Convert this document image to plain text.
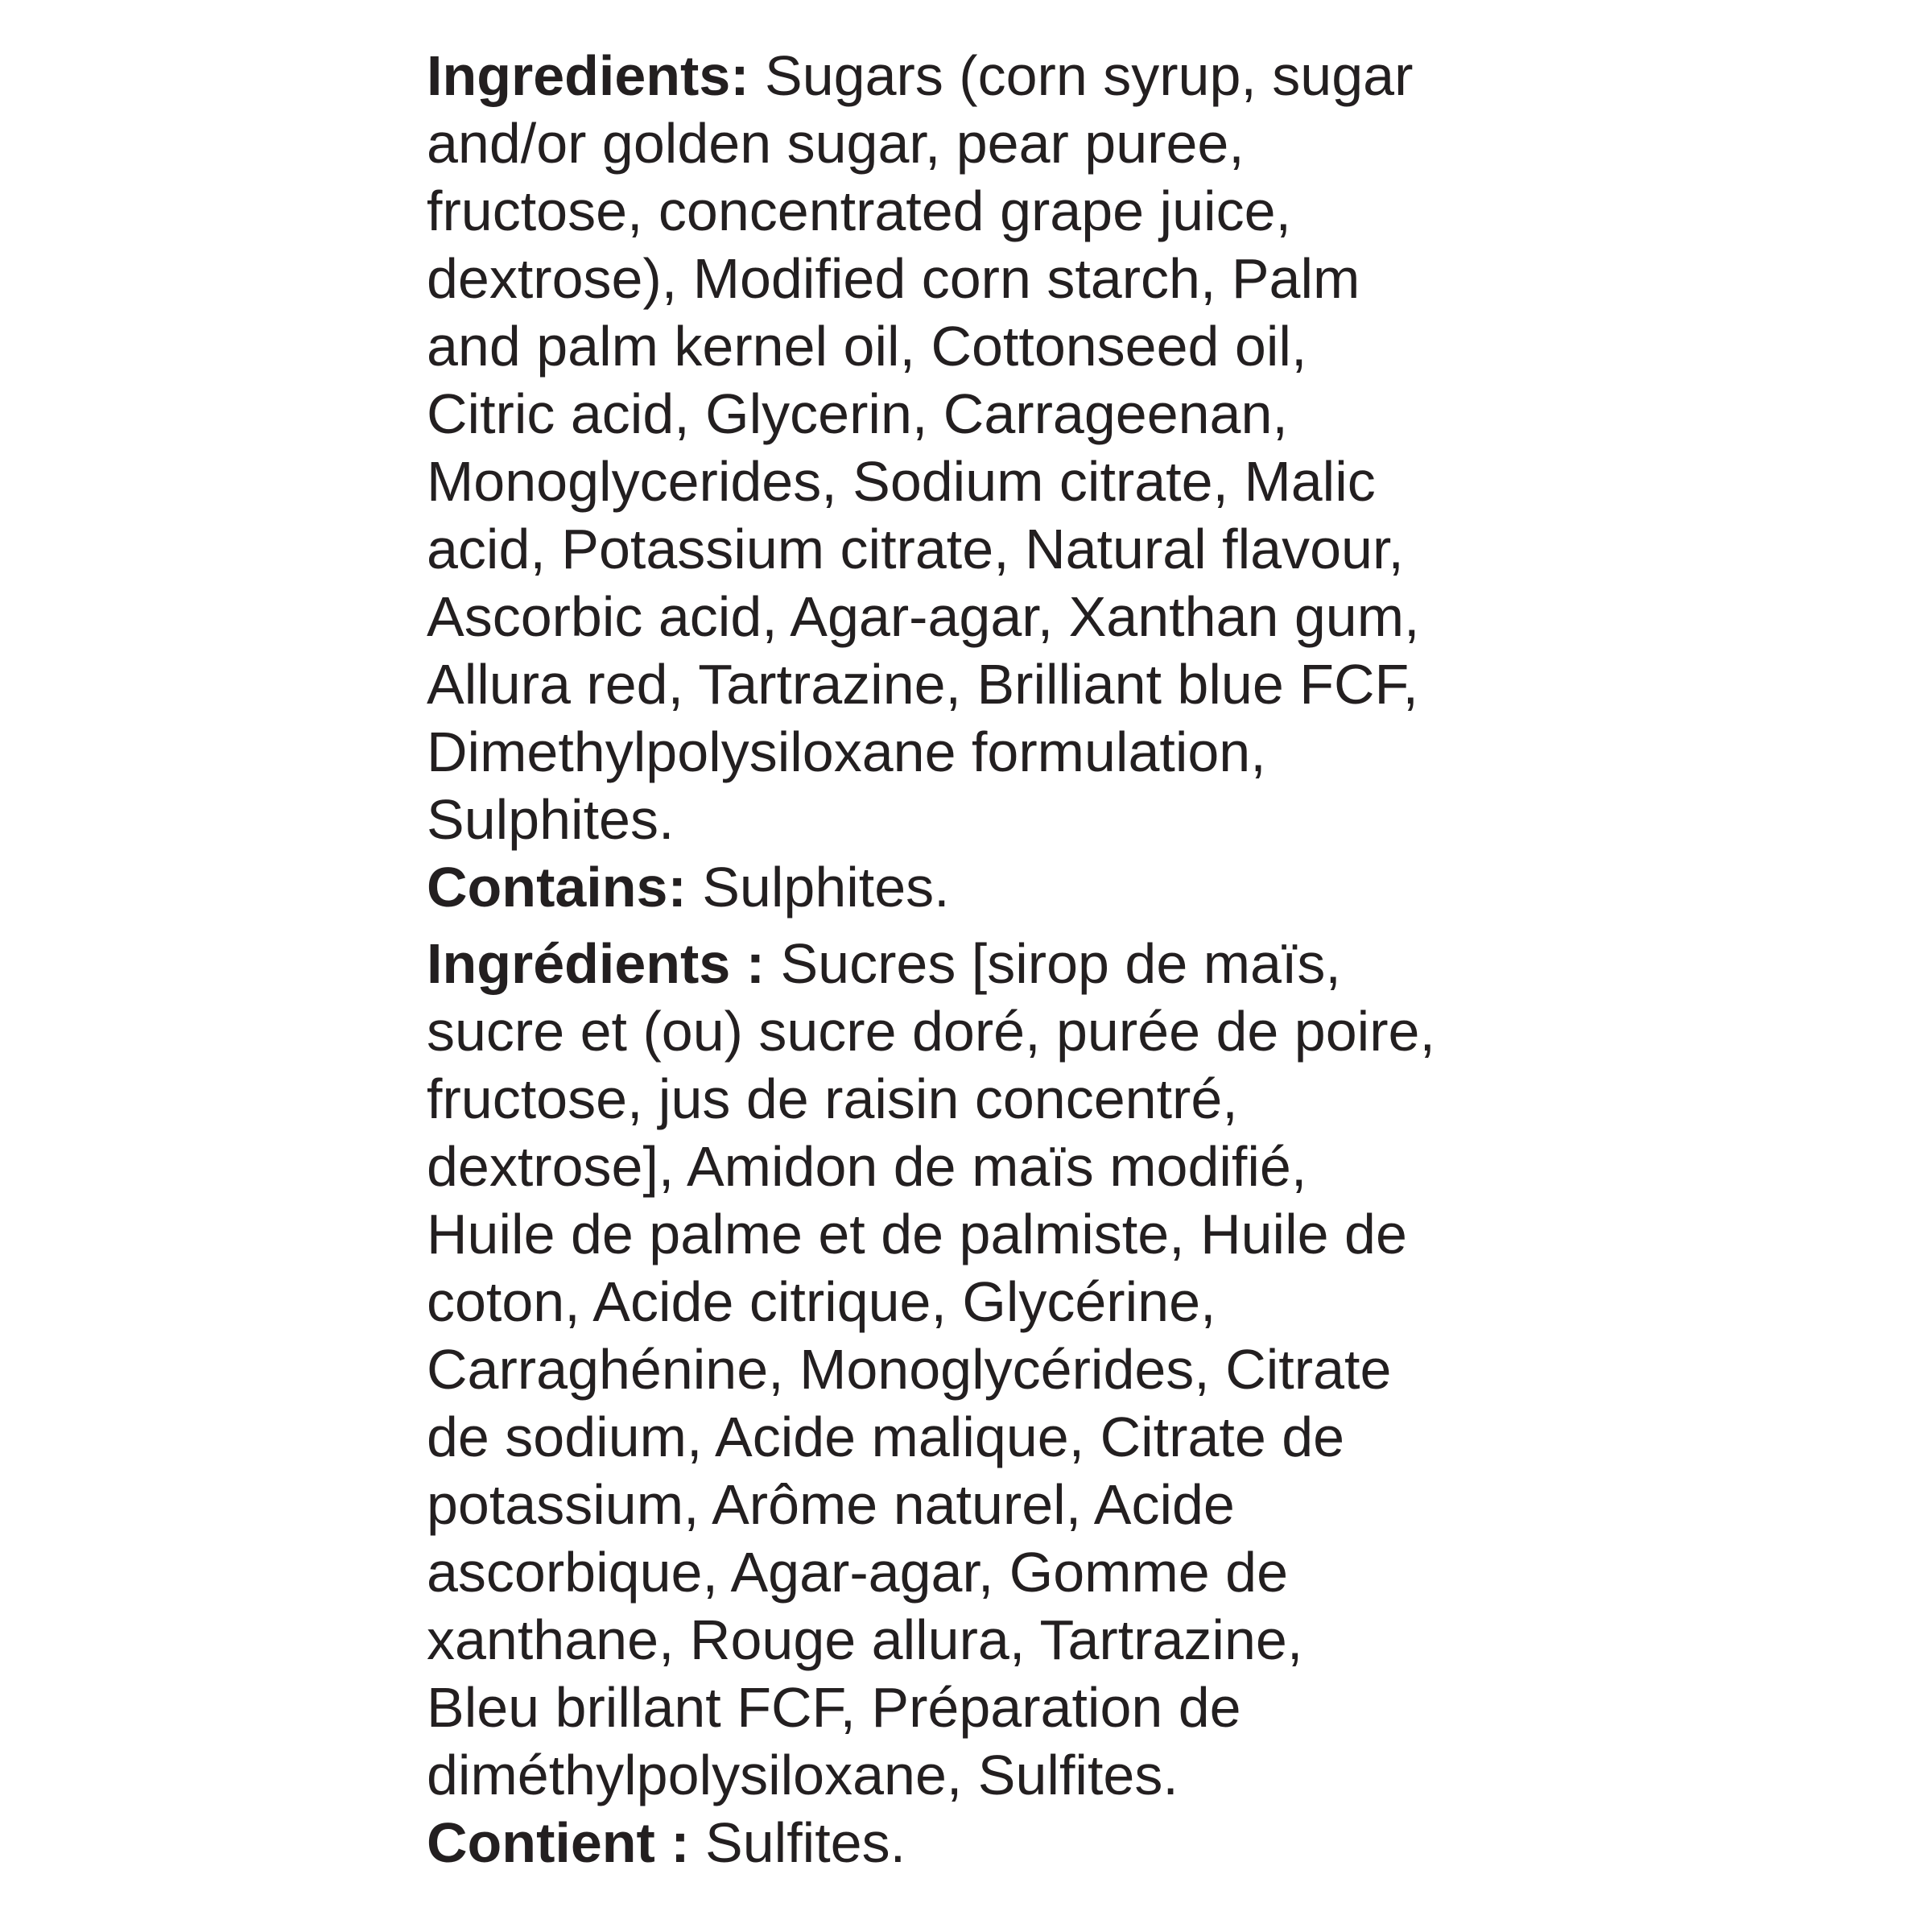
Ingredients: Sugars (corn syrup, sugar
and/or golden sugar, pear puree,
fructose, concentrated grape juice,
dextrose), Modified corn starch, Palm
and palm kernel oil, Cottonseed oil,
Citric acid, Glycerin, Carrageenan,
Monoglycerides, Sodium citrate, Malic
acid, Potassium citrate, Natural flavour,
Ascorbic acid, Agar-agar, Xanthan gum,
Allura red, Tartrazine, Brilliant blue FCF,
Dimethylpolysiloxane formulation,
Sulphites.
Contains: Sulphites.
Ingrédients : Sucres [sirop de maïs,
sucre et (ou) sucre doré, purée de poire,
fructose, jus de raisin concentré,
dextrose], Amidon de maïs modifié,
Huile de palme et de palmiste, Huile de
coton, Acide citrique, Glycérine,
Carraghénine, Monoglycérides, Citrate
de sodium, Acide malique, Citrate de
potassium, Arôme naturel, Acide
ascorbique, Agar-agar, Gomme de
xanthane, Rouge allura, Tartrazine,
Bleu brillant FCF, Préparation de
diméthylpolysiloxane, Sulfites.
Contient : Sulfites.
